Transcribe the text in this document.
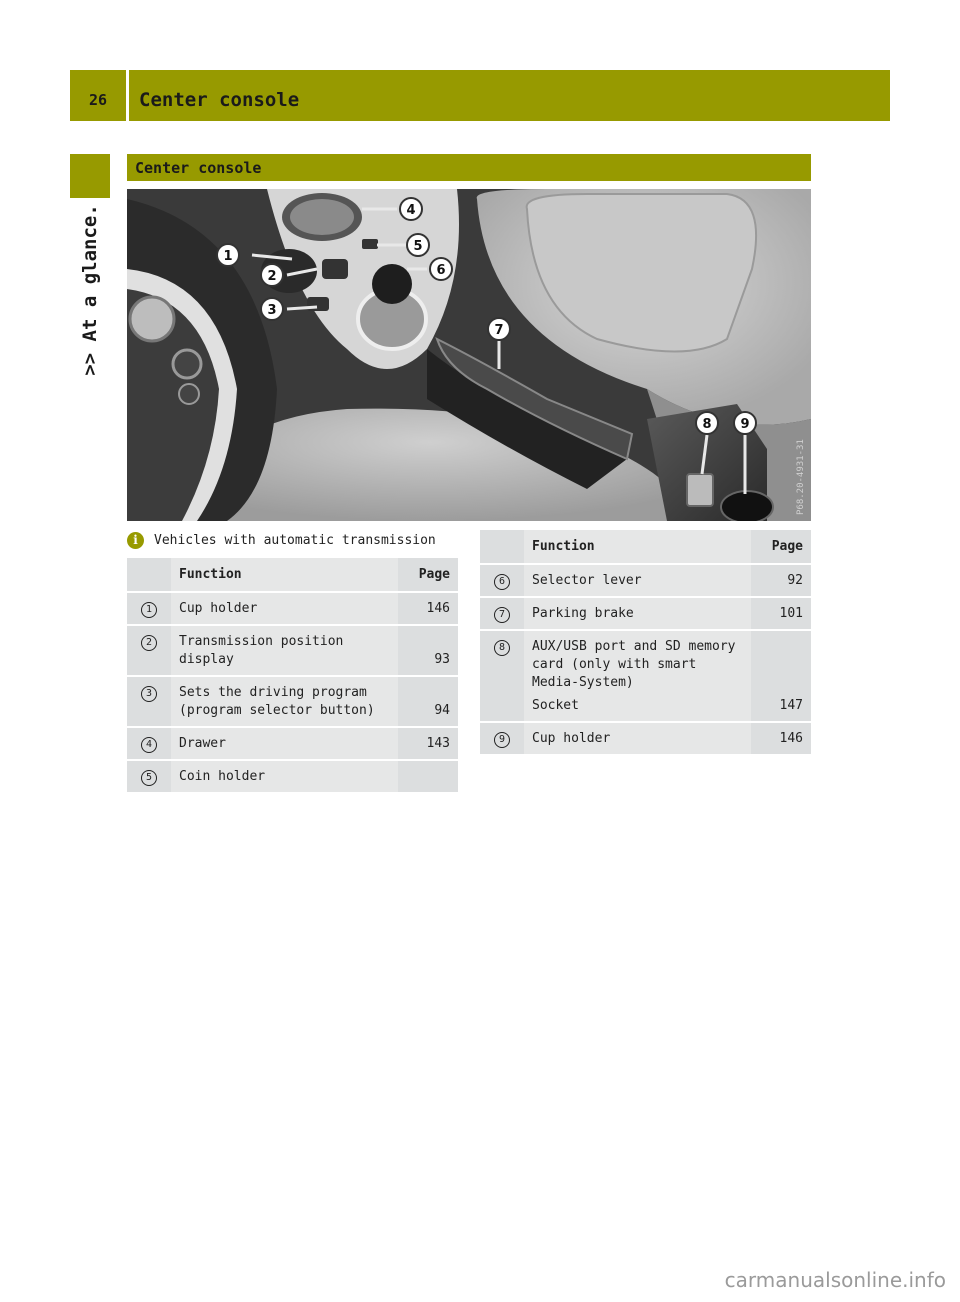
26	Center console
>> At a glance.
Center console
1
2
3
4
5
6
7
8 9
P68.20-4931-31
i	Vehicles with automatic transmission
	Function	Page
1	Cup holder	146
2	Transmission position display	93
3	Sets the driving program (program selector button)	94
4	Drawer	143
5	Coin holder	
	Function	Page
6	Selector lever	92
7	Parking brake	101
8	AUX/USB port and SD memory card (only with smart Media-System)
Socket	147
9	Cup holder	146
carmanualsonline.info
